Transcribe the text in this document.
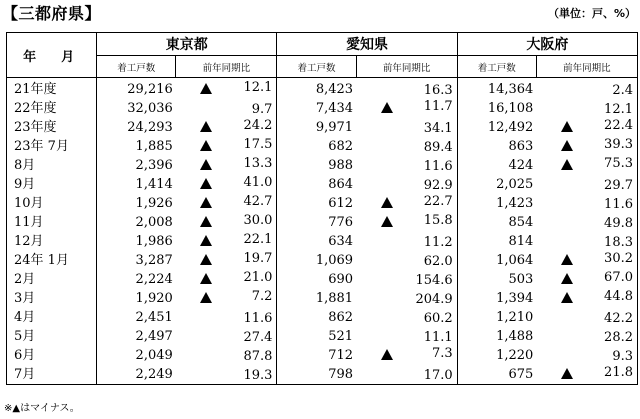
【三都府県】	（単位：戸、%）
年　月	東京都		愛知県		大阪府	
	着工戸数	前年同期比	着工戸数	前年同期比	着工戸数	前年同期比
21年度	29,216	12.1	8,423	16.3	14,364	2.4

22年度	32,036	9.7	7,434	11.7	16,108	12.1

23年度	24,293	24.2	9,971	34.1	12,492	22.4

23年 7月	1,885	17.5	682	89.4	863	39.3

8月	2,396	13.3	988	11.6	424	75.3

9月	1,414	41.0	864	92.9	2,025	29.7

10月	1,926	42.7	612	22.7	1,423	11.6

11月	2,008	30.0	776	15.8	854	49.8

12月	1,986	22.1	634	11.2	814	18.3

24年 1月	3,287	19.7	1,069	62.0	1,064	30.2

2月	2,224	21.0	690	154.6	503	67.0

3月	1,920	7.2	1,881	204.9	1,394	44.8

4月	2,451	11.6	862	60.2	1,210	42.2

5月	2,497	27.4	521	11.1	1,488	28.2

6月	2,049	87.8	712	7.3	1,220	9.3

7月	2,249	19.3	798	17.0	675	21.8
※▲はマイナス。
